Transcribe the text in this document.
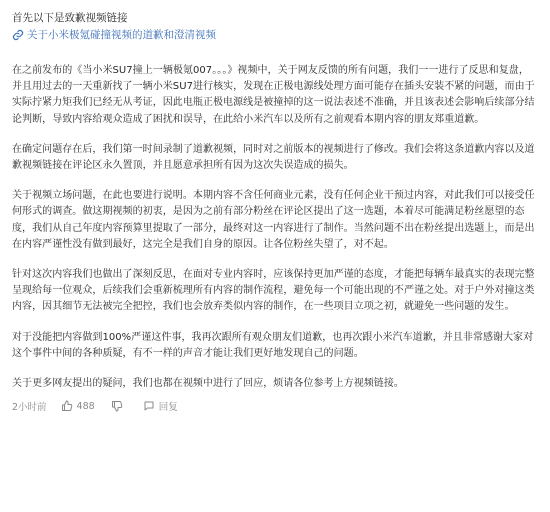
首先以下是致歉视频链接
关于小米极氪碰撞视频的道歉和澄清视频

在之前发布的《当小米SU7撞上一辆极氪007。。。》视频中，关于网友反馈的所有问题，我们一一进行了反思和复盘，并且用过去的一天重新找了一辆小米SU7进行核实，发现在正极电源线处理方面可能存在插头安装不紧的问题，而由于实际拧紧力矩我们已经无从考证，因此电瓶正极电源线是被撞掉的这一说法表述不准确，并且该表述会影响后续部分结论判断，导致内容给观众造成了困扰和误导，在此给小米汽车以及所有之前观看本期内容的朋友郑重道歉。

在确定问题存在后，我们第一时间录制了道歉视频，同时对之前版本的视频进行了修改。我们会将这条道歉内容以及道歉视频链接在评论区永久置顶，并且愿意承担所有因为这次失误造成的损失。

关于视频立场问题，在此也要进行说明。本期内容不含任何商业元素，没有任何企业干预过内容，对此我们可以接受任何形式的调查。做这期视频的初衷，是因为之前有部分粉丝在评论区提出了这一选题，本着尽可能满足粉丝愿望的态度，我们从自己年度内容预算里提取了一部分，最终对这一内容进行了制作。当然问题不出在粉丝提出选题上，而是出在内容严谨性没有做到最好，这完全是我们自身的原因。让各位粉丝失望了，对不起。

针对这次内容我们也做出了深刻反思，在面对专业内容时，应该保持更加严谨的态度，才能把每辆车最真实的表现完整呈现给每一位观众，后续我们会重新梳理所有内容的制作流程，避免每一个可能出现的不严谨之处。对于户外对撞这类内容，因其细节无法被完全把控，我们也会放弃类似内容的制作，在一些项目立项之初，就避免一些问题的发生。

对于没能把内容做到100%严谨这件事，我再次跟所有观众朋友们道歉，也再次跟小米汽车道歉，并且非常感谢大家对这个事件中间的各种质疑，有不一样的声音才能让我们更好地发现自己的问题。

关于更多网友提出的疑问，我们也都在视频中进行了回应，烦请各位参考上方视频链接。

2小时前	488	回复
